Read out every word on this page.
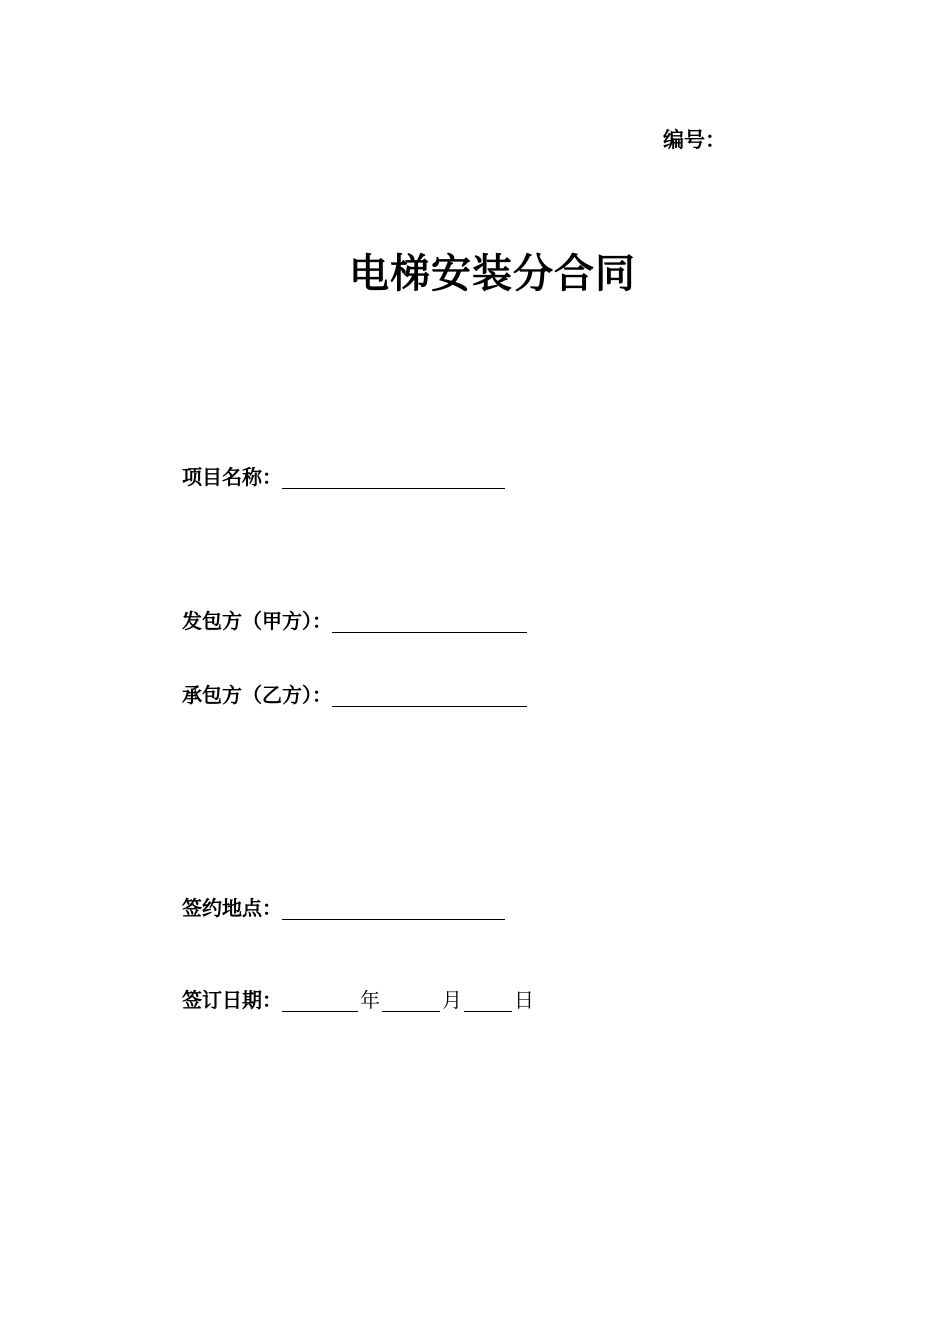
编号：
电梯安装分合同
项目名称：
发包方（甲方）：
承包方（乙方）：
签约地点：
签订日期：	年	月	日
